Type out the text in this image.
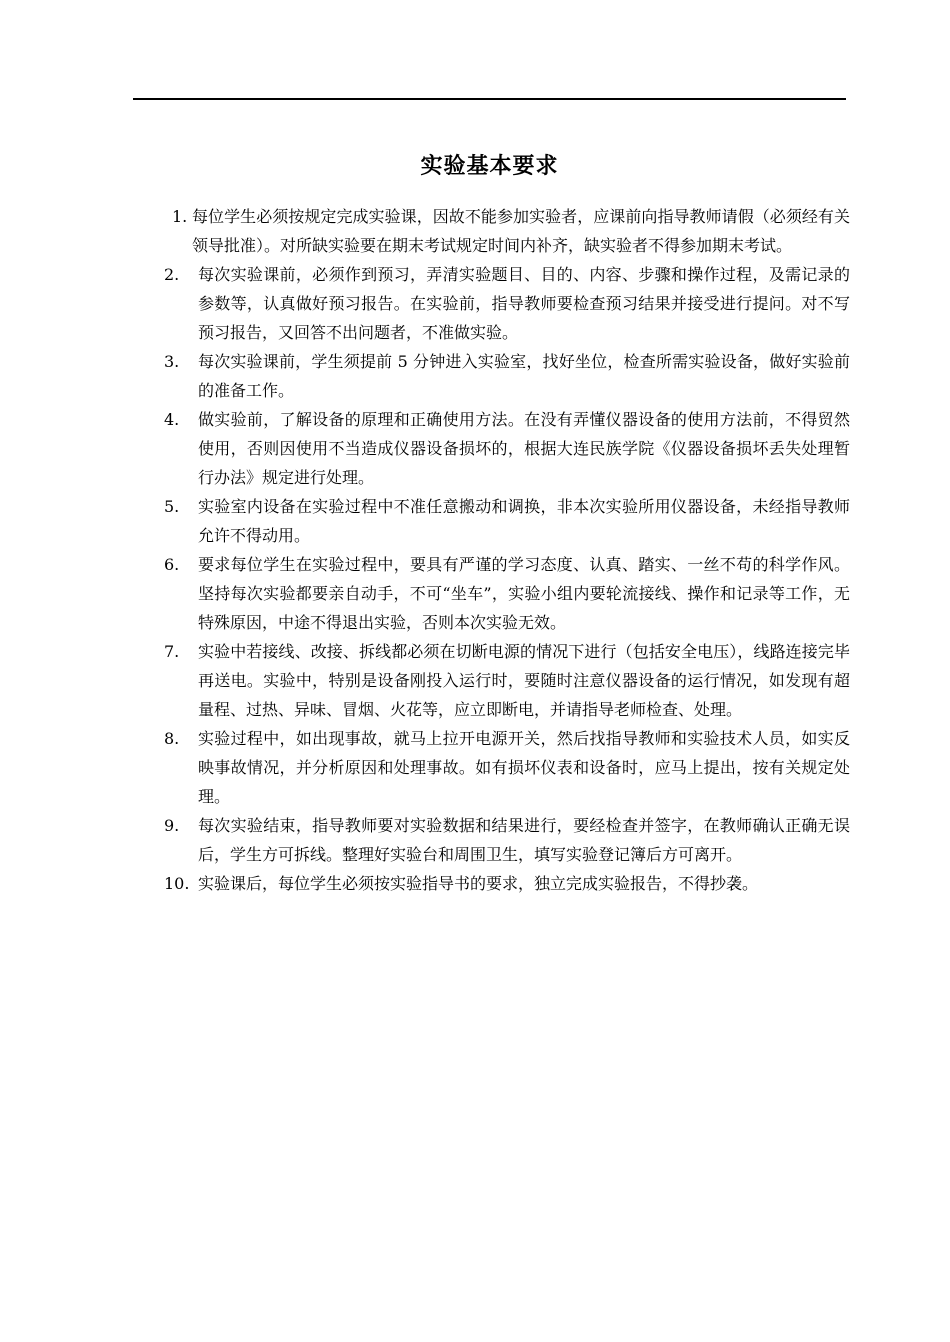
实验基本要求
1. 每位学生必须按规定完成实验课，因故不能参加实验者，应课前向指导教师请假（必须经有关领导批准）。对所缺实验要在期末考试规定时间内补齐，缺实验者不得参加期末考试。
2.	每次实验课前，必须作到预习，弄清实验题目、目的、内容、步骤和操作过程，及需记录的参数等，认真做好预习报告。在实验前，指导教师要检查预习结果并接受进行提问。对不写预习报告，又回答不出问题者，不准做实验。
3.	每次实验课前，学生须提前 5 分钟进入实验室，找好坐位，检查所需实验设备，做好实验前的准备工作。
4.	做实验前，了解设备的原理和正确使用方法。在没有弄懂仪器设备的使用方法前，不得贸然使用，否则因使用不当造成仪器设备损坏的，根据大连民族学院《仪器设备损坏丢失处理暂行办法》规定进行处理。
5.	实验室内设备在实验过程中不准任意搬动和调换，非本次实验所用仪器设备，未经指导教师允许不得动用。
6.	要求每位学生在实验过程中，要具有严谨的学习态度、认真、踏实、一丝不苟的科学作风。坚持每次实验都要亲自动手，不可“坐车”，实验小组内要轮流接线、操作和记录等工作，无特殊原因，中途不得退出实验，否则本次实验无效。
7.	实验中若接线、改接、拆线都必须在切断电源的情况下进行（包括安全电压），线路连接完毕再送电。实验中，特别是设备刚投入运行时，要随时注意仪器设备的运行情况，如发现有超量程、过热、异味、冒烟、火花等，应立即断电，并请指导老师检查、处理。
8.	实验过程中，如出现事故，就马上拉开电源开关，然后找指导教师和实验技术人员，如实反映事故情况，并分析原因和处理事故。如有损坏仪表和设备时，应马上提出，按有关规定处理。
9.	每次实验结束，指导教师要对实验数据和结果进行，要经检查并签字，在教师确认正确无误后，学生方可拆线。整理好实验台和周围卫生，填写实验登记簿后方可离开。
10. 实验课后，每位学生必须按实验指导书的要求，独立完成实验报告，不得抄袭。
